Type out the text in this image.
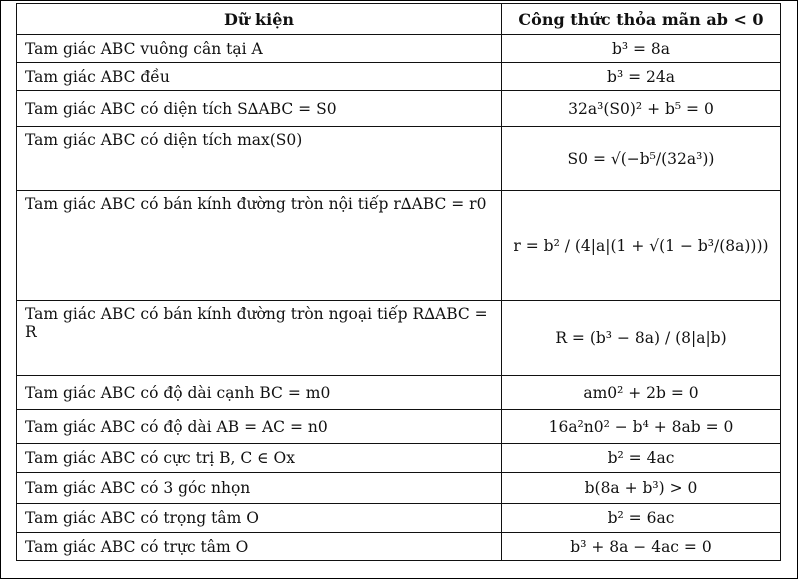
Dữ kiện	Công thức thỏa mãn ab < 0
Tam giác ABC vuông cân tại A	b³ = 8a
Tam giác ABC đều	b³ = 24a
Tam giác ABC có diện tích S∆ABC = S0	32a³(S0)² + b⁵ = 0
Tam giác ABC có diện tích max(S0)	S0 = √(−b⁵/(32a³))
Tam giác ABC có bán kính đường tròn nội tiếp r∆ABC = r0	r = b² / (4|a|(1 + √(1 − b³/(8a))))
Tam giác ABC có bán kính đường tròn ngoại tiếp R∆ABC = R	R = (b³ − 8a) / (8|a|b)
Tam giác ABC có độ dài cạnh BC = m0	am0² + 2b = 0
Tam giác ABC có độ dài AB = AC = n0	16a²n0² − b⁴ + 8ab = 0
Tam giác ABC có cực trị B, C ∈ Ox	b² = 4ac
Tam giác ABC có 3 góc nhọn	b(8a + b³) > 0
Tam giác ABC có trọng tâm O	b² = 6ac
Tam giác ABC có trực tâm O	b³ + 8a − 4ac = 0
